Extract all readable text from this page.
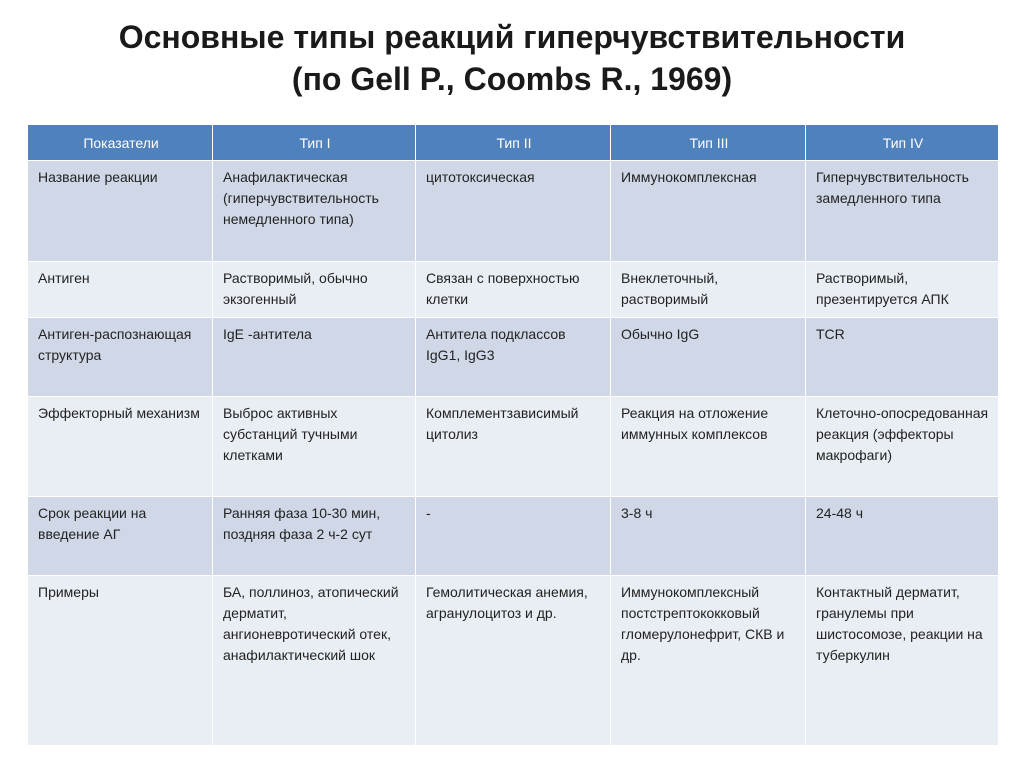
Основные типы реакций гиперчувствительности
(по Gell P., Coombs R., 1969)
Показатели	Тип I	Тип II	Тип III	Тип IV
Название реакции	Анафилактическая (гиперчувствительность немедленного типа)	цитотоксическая	Иммунокомплексная	Гиперчувствительность замедленного типа
Антиген	Растворимый, обычно экзогенный	Связан с поверхностью клетки	Внеклеточный, растворимый	Растворимый, презентируется АПК
Антиген-распознающая структура	IgE -антитела	Антитела подклассов IgG1, IgG3	Обычно IgG	TCR
Эффекторный механизм	Выброс активных субстанций тучными клетками	Комплементзависимый цитолиз	Реакция на отложение иммунных комплексов	Клеточно-опосредованная реакция (эффекторы макрофаги)
Срок реакции на введение АГ	Ранняя фаза 10-30 мин, поздняя фаза 2 ч-2 сут	-	3-8 ч	24-48 ч
Примеры	БА, поллиноз, атопический дерматит, ангионевротический отек, анафилактический шок	Гемолитическая анемия, агранулоцитоз и др.	Иммунокомплексный постстрептококковый гломерулонефрит, СКВ и др.	Контактный дерматит, гранулемы при шистосомозе, реакции на туберкулин
